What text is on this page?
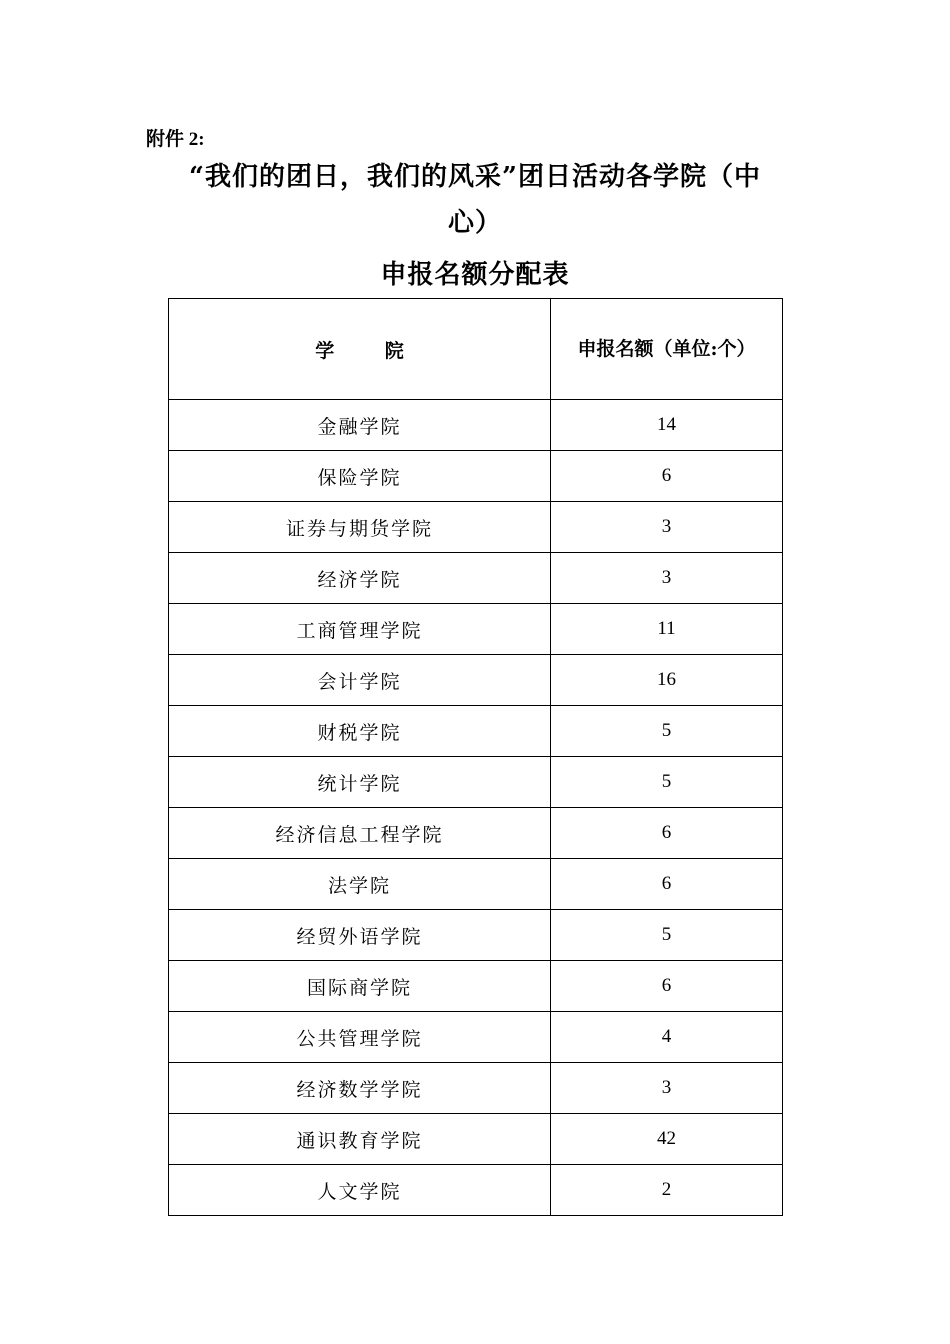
附件 2:
“我们的团日，我们的风采”团日活动各学院（中
心）
申报名额分配表
学 院	申报名额（单位:个）
金融学院	14
保险学院	6
证券与期货学院	3
经济学院	3
工商管理学院	11
会计学院	16
财税学院	5
统计学院	5
经济信息工程学院	6
法学院	6
经贸外语学院	5
国际商学院	6
公共管理学院	4
经济数学学院	3
通识教育学院	42
人文学院	2
